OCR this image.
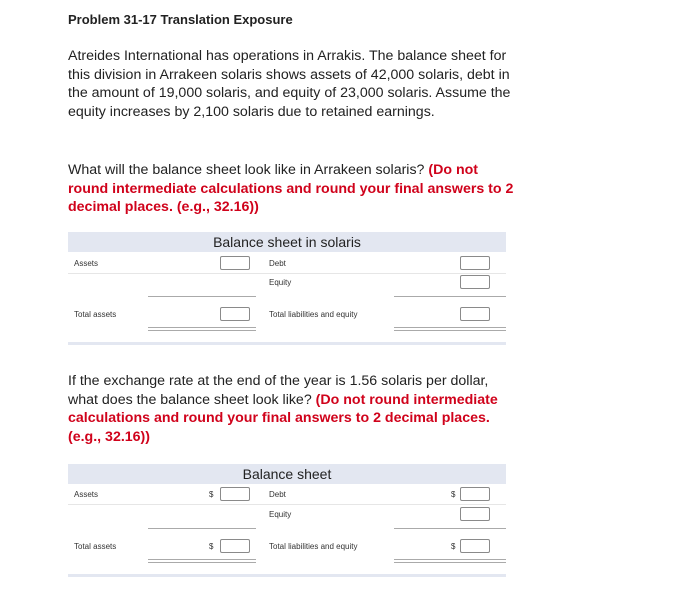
Problem 31-17 Translation Exposure

Atreides International has operations in Arrakis. The balance sheet for this division in Arrakeen solaris shows assets of 42,000 solaris, debt in the amount of 19,000 solaris, and equity of 23,000 solaris. Assume the equity increases by 2,100 solaris due to retained earnings.

What will the balance sheet look like in Arrakeen solaris? (Do not round intermediate calculations and round your final answers to 2 decimal places. (e.g., 32.16))

Balance sheet in solaris
Assets	Debt
Equity
Total assets	Total liabilities and equity

If the exchange rate at the end of the year is 1.56 solaris per dollar, what does the balance sheet look like? (Do not round intermediate calculations and round your final answers to 2 decimal places. (e.g., 32.16))

Balance sheet
Assets	$	Debt	$
Equity
Total assets	$	Total liabilities and equity	$
